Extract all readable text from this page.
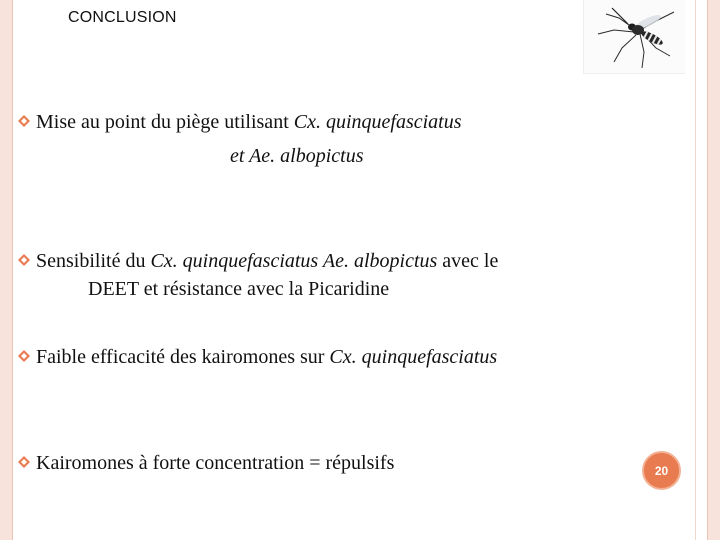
CONCLUSION
Mise au point du piège utilisant Cx. quinquefasciatus
et Ae. albopictus
Sensibilité du Cx. quinquefasciatus Ae. albopictus avec le
DEET et résistance avec la Picaridine
Faible efficacité des kairomones sur Cx. quinquefasciatus
Kairomones à forte concentration = répulsifs	20
